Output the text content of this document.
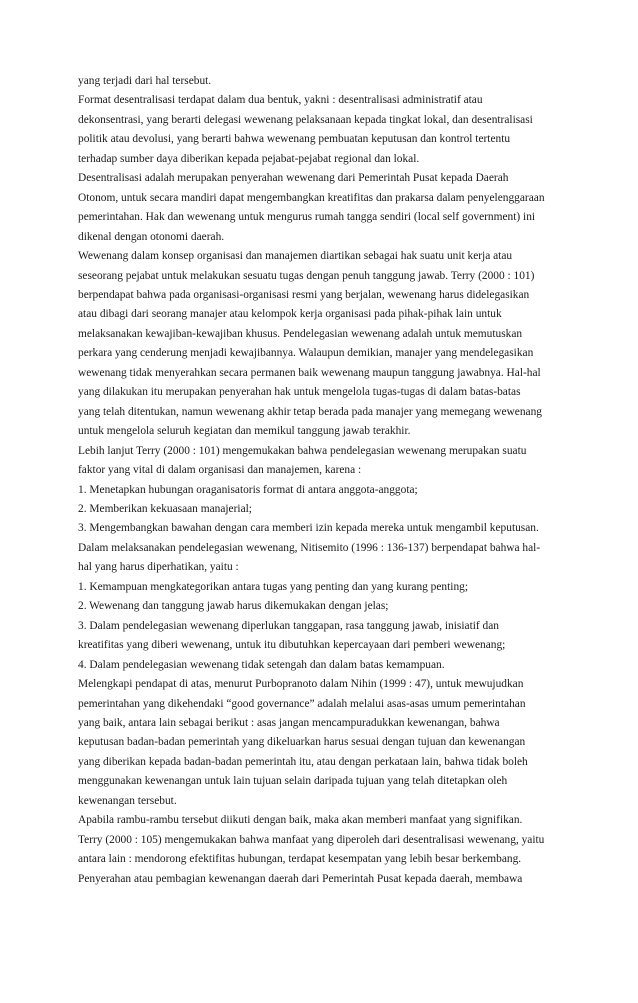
yang terjadi dari hal tersebut.
Format desentralisasi terdapat dalam dua bentuk, yakni : desentralisasi administratif atau
dekonsentrasi, yang berarti delegasi wewenang pelaksanaan kepada tingkat lokal, dan desentralisasi
politik atau devolusi, yang berarti bahwa wewenang pembuatan keputusan dan kontrol tertentu
terhadap sumber daya diberikan kepada pejabat-pejabat regional dan lokal.
Desentralisasi adalah merupakan penyerahan wewenang dari Pemerintah Pusat kepada Daerah
Otonom, untuk secara mandiri dapat mengembangkan kreatifitas dan prakarsa dalam penyelenggaraan
pemerintahan. Hak dan wewenang untuk mengurus rumah tangga sendiri (local self government) ini
dikenal dengan otonomi daerah.
Wewenang dalam konsep organisasi dan manajemen diartikan sebagai hak suatu unit kerja atau
seseorang pejabat untuk melakukan sesuatu tugas dengan penuh tanggung jawab. Terry (2000 : 101)
berpendapat bahwa pada organisasi-organisasi resmi yang berjalan, wewenang harus didelegasikan
atau dibagi dari seorang manajer atau kelompok kerja organisasi pada pihak-pihak lain untuk
melaksanakan kewajiban-kewajiban khusus. Pendelegasian wewenang adalah untuk memutuskan
perkara yang cenderung menjadi kewajibannya. Walaupun demikian, manajer yang mendelegasikan
wewenang tidak menyerahkan secara permanen baik wewenang maupun tanggung jawabnya. Hal-hal
yang dilakukan itu merupakan penyerahan hak untuk mengelola tugas-tugas di dalam batas-batas
yang telah ditentukan, namun wewenang akhir tetap berada pada manajer yang memegang wewenang
untuk mengelola seluruh kegiatan dan memikul tanggung jawab terakhir.
Lebih lanjut Terry (2000 : 101) mengemukakan bahwa pendelegasian wewenang merupakan suatu
faktor yang vital di dalam organisasi dan manajemen, karena :
1. Menetapkan hubungan oraganisatoris format di antara anggota-anggota;
2. Memberikan kekuasaan manajerial;
3. Mengembangkan bawahan dengan cara memberi izin kepada mereka untuk mengambil keputusan.
Dalam melaksanakan pendelegasian wewenang, Nitisemito (1996 : 136-137) berpendapat bahwa hal-
hal yang harus diperhatikan, yaitu :
1. Kemampuan mengkategorikan antara tugas yang penting dan yang kurang penting;
2. Wewenang dan tanggung jawab harus dikemukakan dengan jelas;
3. Dalam pendelegasian wewenang diperlukan tanggapan, rasa tanggung jawab, inisiatif dan
kreatifitas yang diberi wewenang, untuk itu dibutuhkan kepercayaan dari pemberi wewenang;
4. Dalam pendelegasian wewenang tidak setengah dan dalam batas kemampuan.
Melengkapi pendapat di atas, menurut Purbopranoto dalam Nihin (1999 : 47), untuk mewujudkan
pemerintahan yang dikehendaki “good governance” adalah melalui asas-asas umum pemerintahan
yang baik, antara lain sebagai berikut : asas jangan mencampuradukkan kewenangan, bahwa
keputusan badan-badan pemerintah yang dikeluarkan harus sesuai dengan tujuan dan kewenangan
yang diberikan kepada badan-badan pemerintah itu, atau dengan perkataan lain, bahwa tidak boleh
menggunakan kewenangan untuk lain tujuan selain daripada tujuan yang telah ditetapkan oleh
kewenangan tersebut.
Apabila rambu-rambu tersebut diikuti dengan baik, maka akan memberi manfaat yang signifikan.
Terry (2000 : 105) mengemukakan bahwa manfaat yang diperoleh dari desentralisasi wewenang, yaitu
antara lain : mendorong efektifitas hubungan, terdapat kesempatan yang lebih besar berkembang.
Penyerahan atau pembagian kewenangan daerah dari Pemerintah Pusat kepada daerah, membawa
